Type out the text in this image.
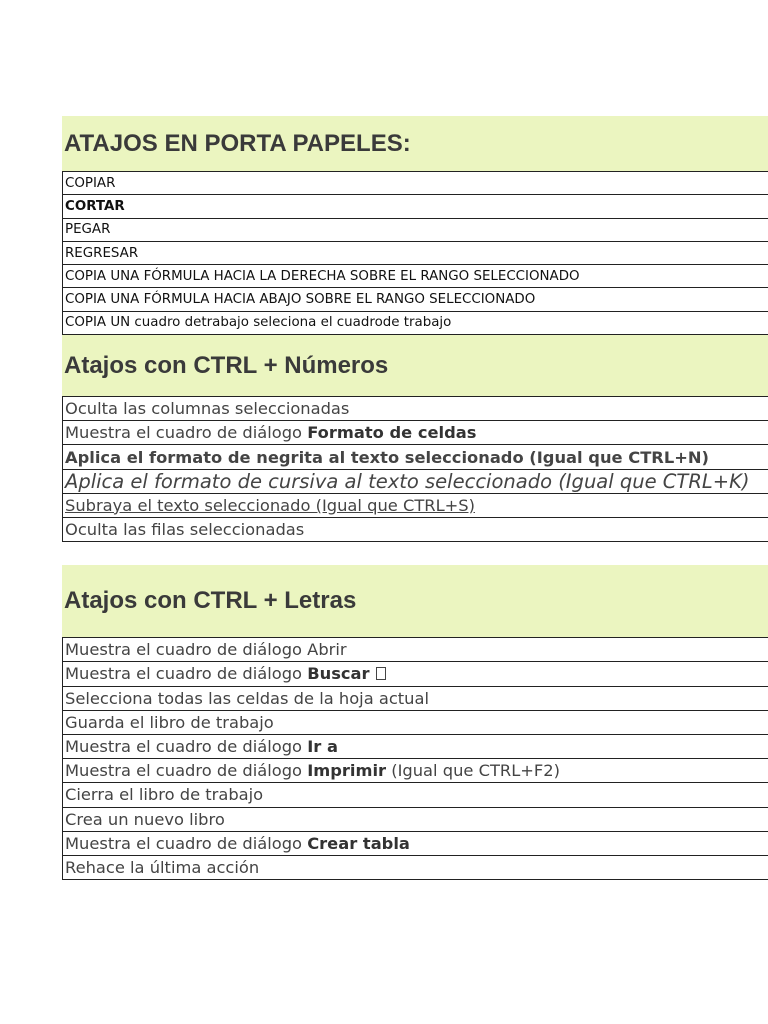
ATAJOS EN PORTA PAPELES:
COPIAR
CORTAR
PEGAR
REGRESAR
COPIA UNA FÓRMULA HACIA LA DERECHA SOBRE EL RANGO SELECCIONADO
COPIA UNA FÓRMULA HACIA ABAJO SOBRE EL RANGO SELECCIONADO
COPIA UN cuadro detrabajo seleciona el cuadrode trabajo
Atajos con CTRL + Números
Oculta las columnas seleccionadas
Muestra el cuadro de diálogo
Formato de celdas
Aplica el formato de negrita al texto seleccionado (Igual que CTRL+N)
Aplica el formato de cursiva al texto seleccionado (Igual que CTRL+K)
Subraya el texto seleccionado (Igual que CTRL+S)
Oculta las filas seleccionadas
Atajos con CTRL + Letras
Muestra el cuadro de diálogo Abrir
Muestra el cuadro de diálogo
Buscar
Selecciona todas las celdas de la hoja actual
Guarda el libro de trabajo
Muestra el cuadro de diálogo
Ir a
Muestra el cuadro de diálogo
Imprimir (Igual que CTRL+F2)
Cierra el libro de trabajo
Crea un nuevo libro
Muestra el cuadro de diálogo
Crear tabla
Rehace la última acción
